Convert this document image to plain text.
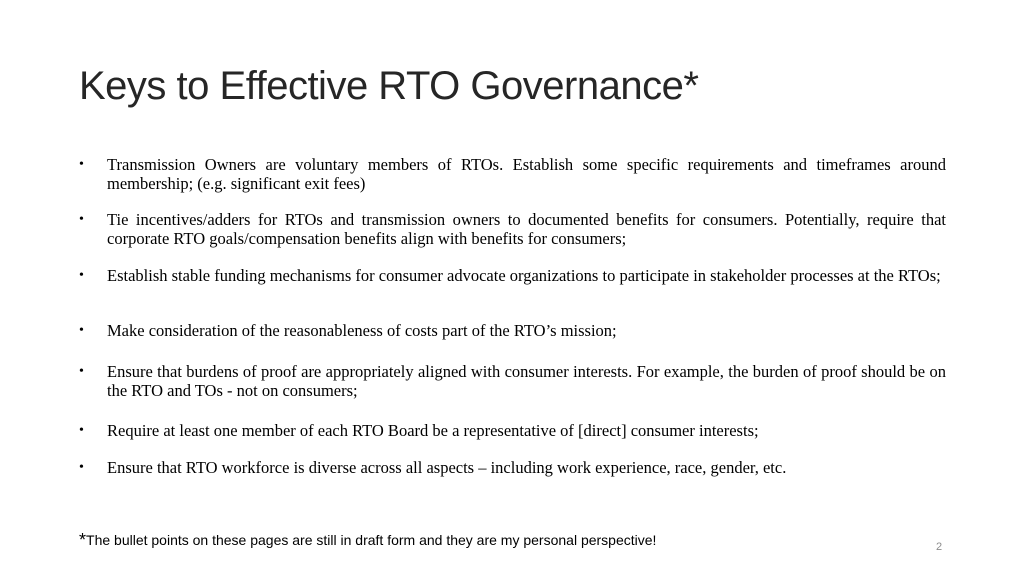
Keys to Effective RTO Governance*
•	Transmission Owners are voluntary members of RTOs. Establish some specific requirements and timeframes around membership; (e.g. significant exit fees)
•	Tie incentives/adders for RTOs and transmission owners to documented benefits for consumers. Potentially, require that corporate RTO goals/compensation benefits align with benefits for consumers;
•	Establish stable funding mechanisms for consumer advocate organizations to participate in stakeholder processes at the RTOs;
•	Make consideration of the reasonableness of costs part of the RTO’s mission;
•	Ensure that burdens of proof are appropriately aligned with consumer interests. For example, the burden of proof should be on the RTO and TOs - not on consumers;
•	Require at least one member of each RTO Board be a representative of [direct] consumer interests;
•	Ensure that RTO workforce is diverse across all aspects – including work experience, race, gender, etc.
*The bullet points on these pages are still in draft form and they are my personal perspective!	2
